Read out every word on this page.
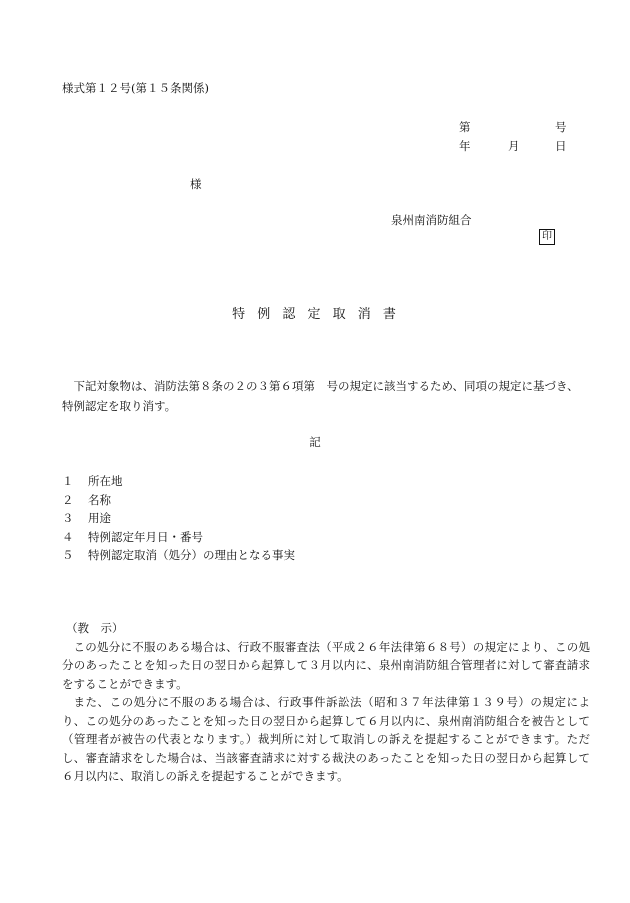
様式第１２号(第１５条関係)
第	号
年	月	日
様
泉州南消防組合
印
特 例 認 定 取 消 書

下記対象物は、消防法第８条の２の３第６項第　号の規定に該当するため、同項の規定に基づき、特例認定を取り消す。

記
１	所在地
２	名称
３	用途
４	特例認定年月日・番号
５	特例認定取消（処分）の理由となる事実

（教　示）

この処分に不服のある場合は、行政不服審査法（平成２６年法律第６８号）の規定により、この処分のあったことを知った日の翌日から起算して３月以内に、泉州南消防組合管理者に対して審査請求をすることができます。

また、この処分に不服のある場合は、行政事件訴訟法（昭和３７年法律第１３９号）の規定により、この処分のあったことを知った日の翌日から起算して６月以内に、泉州南消防組合を被告として（管理者が被告の代表となります。）裁判所に対して取消しの訴えを提起することができます。ただし、審査請求をした場合は、当該審査請求に対する裁決のあったことを知った日の翌日から起算して６月以内に、取消しの訴えを提起することができます。
